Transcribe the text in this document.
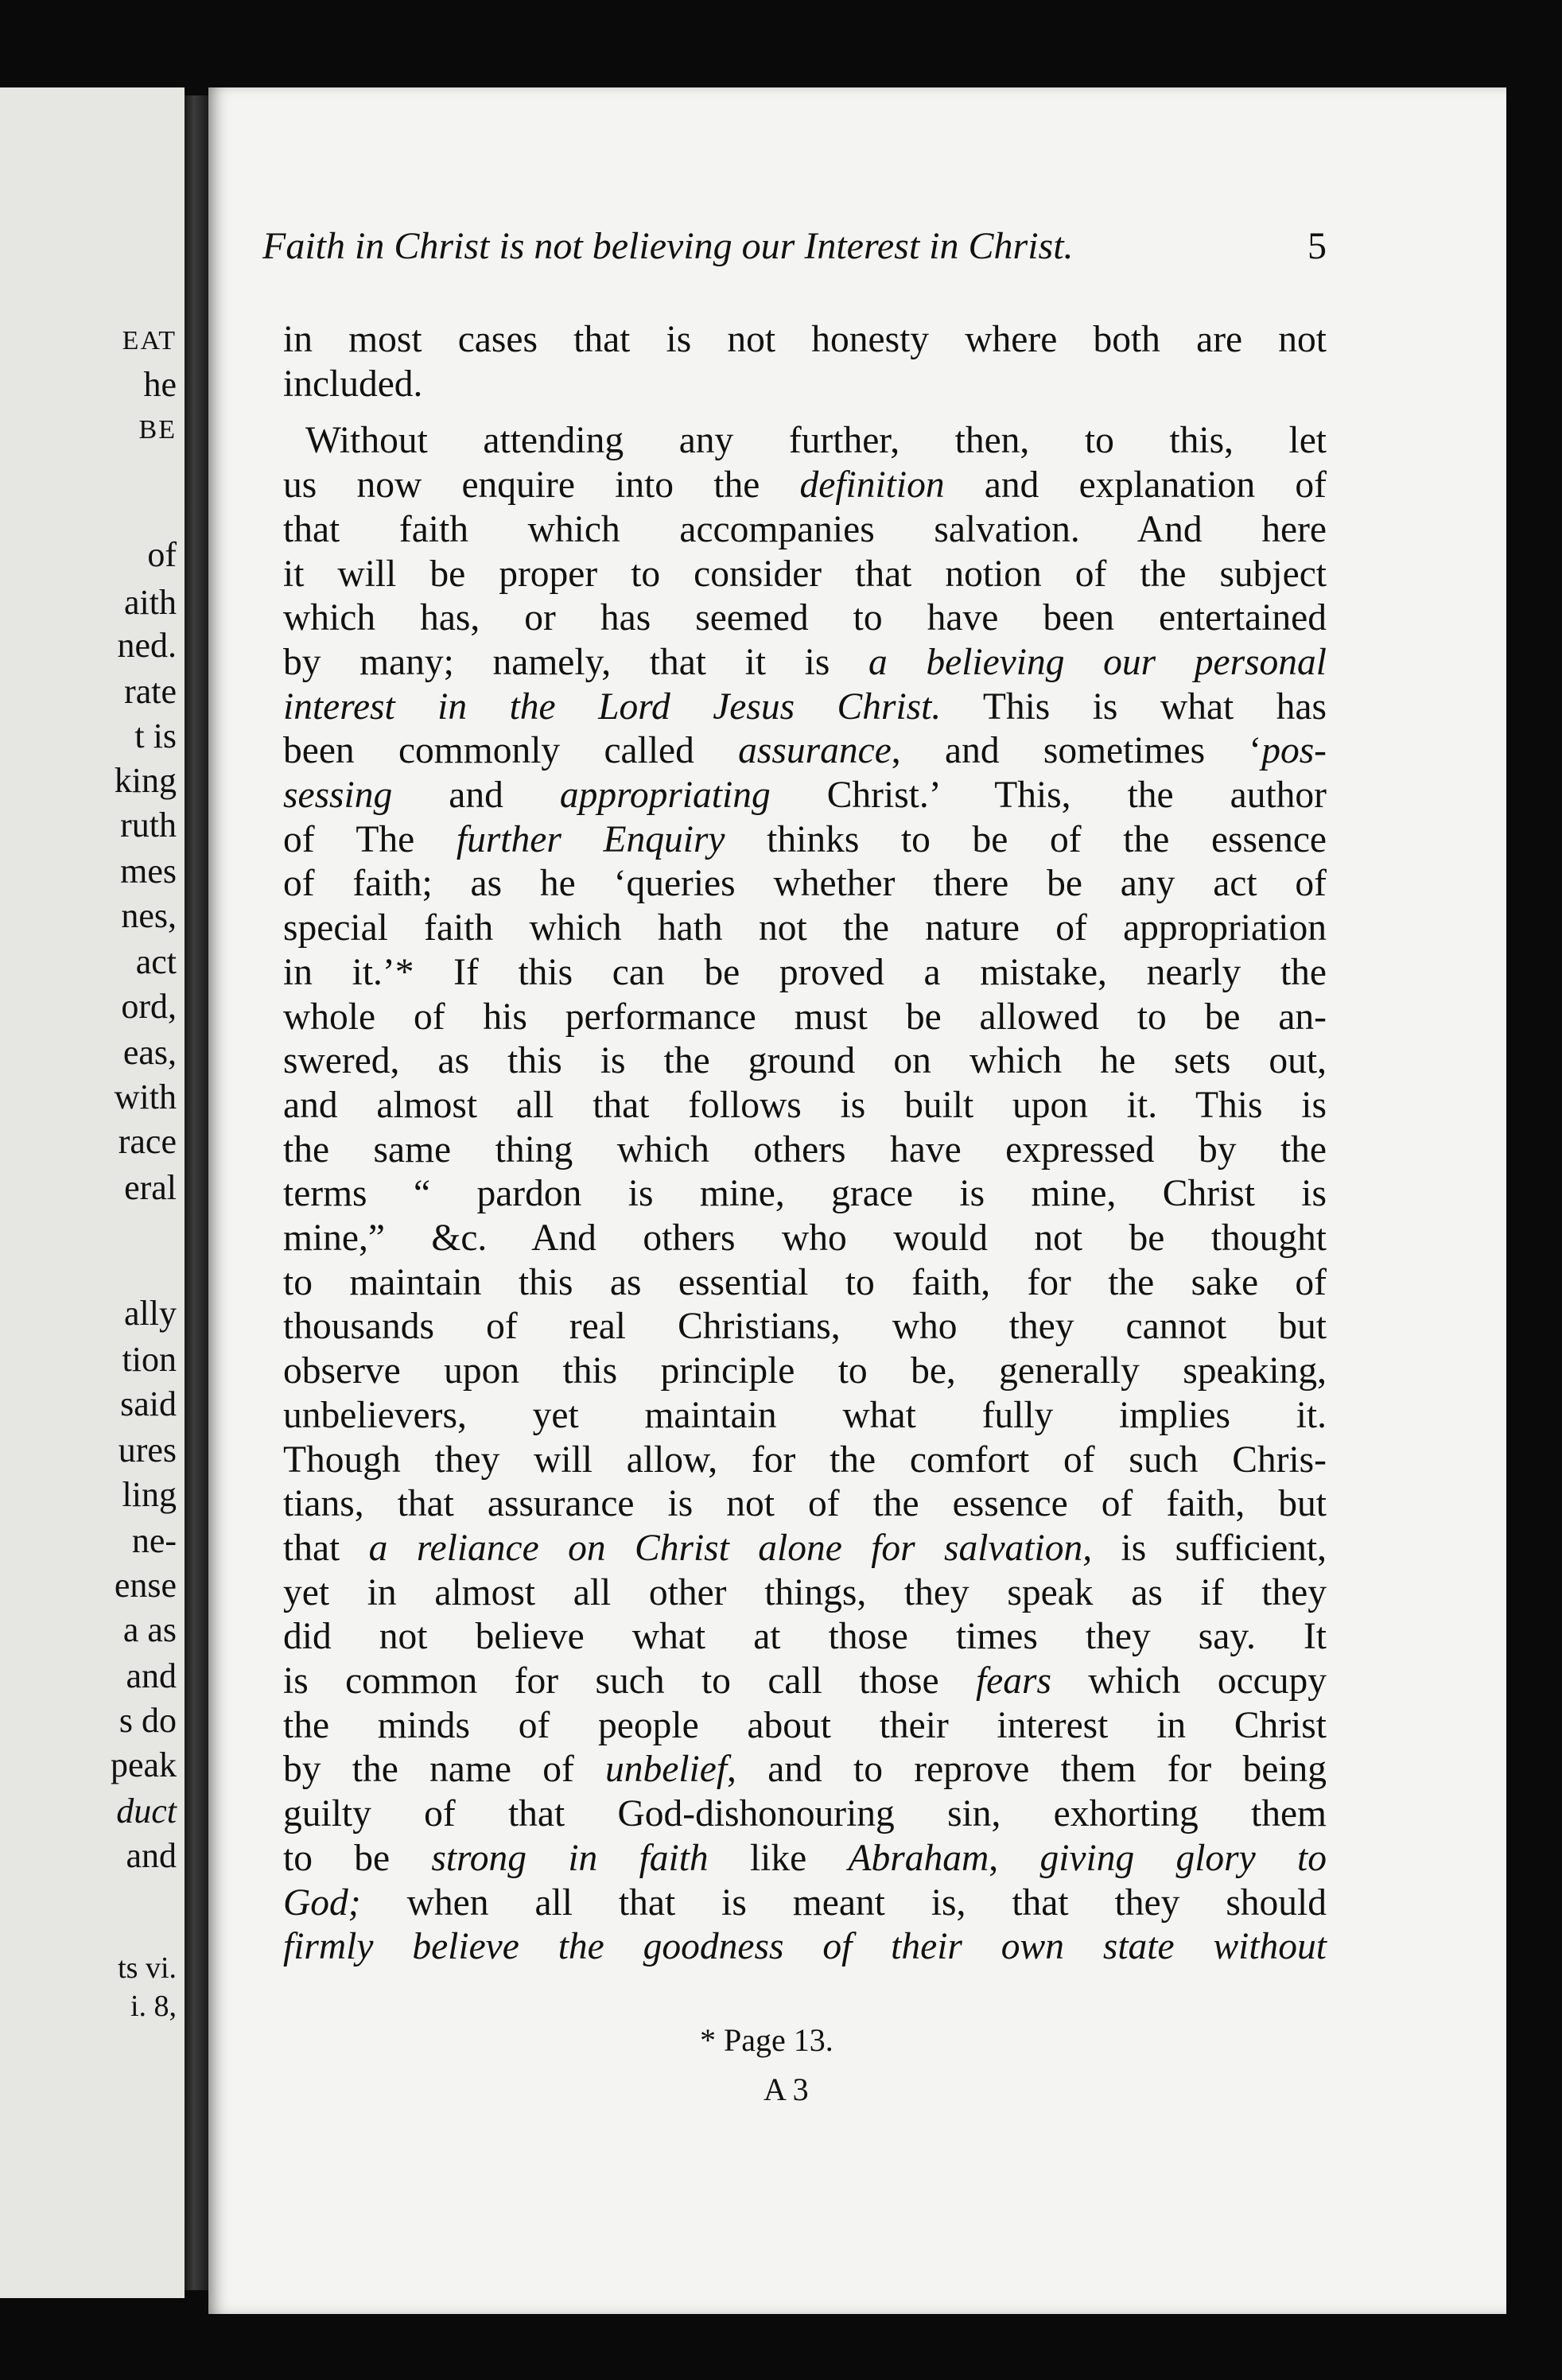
EAT
he
BE
of
aith
ned.
rate
t is
king
ruth
mes
nes,
act
ord,
eas,
with
race
eral
ally
tion
said
ures
ling
ne-
ense
a as
and
s do
peak
duct
and
ts vi.
i. 8,
Faith in Christ is not believing our Interest in Christ.	5

in most cases that is not honesty where both are not

included.

Without attending any further, then, to this, let

us now enquire into the definition and explanation of

that faith which accompanies salvation. And here

it will be proper to consider that notion of the subject

which has, or has seemed to have been entertained

by many; namely, that it is a believing our personal

interest in the Lord Jesus Christ. This is what has

been commonly called assurance, and sometimes ‘pos-

sessing and appropriating Christ.’ This, the author

of The further Enquiry thinks to be of the essence

of faith; as he ‘queries whether there be any act of

special faith which hath not the nature of appropriation

in it.’* If this can be proved a mistake, nearly the

whole of his performance must be allowed to be an-

swered, as this is the ground on which he sets out,

and almost all that follows is built upon it. This is

the same thing which others have expressed by the

terms “ pardon is mine, grace is mine, Christ is

mine,” &c. And others who would not be thought

to maintain this as essential to faith, for the sake of

thousands of real Christians, who they cannot but

observe upon this principle to be, generally speaking,

unbelievers, yet maintain what fully implies it.

Though they will allow, for the comfort of such Chris-

tians, that assurance is not of the essence of faith, but

that a reliance on Christ alone for salvation, is sufficient,

yet in almost all other things, they speak as if they

did not believe what at those times they say. It

is common for such to call those fears which occupy

the minds of people about their interest in Christ

by the name of unbelief, and to reprove them for being

guilty of that God-dishonouring sin, exhorting them

to be strong in faith like Abraham, giving glory to

God; when all that is meant is, that they should

firmly believe the goodness of their own state without

* Page 13.
A 3
